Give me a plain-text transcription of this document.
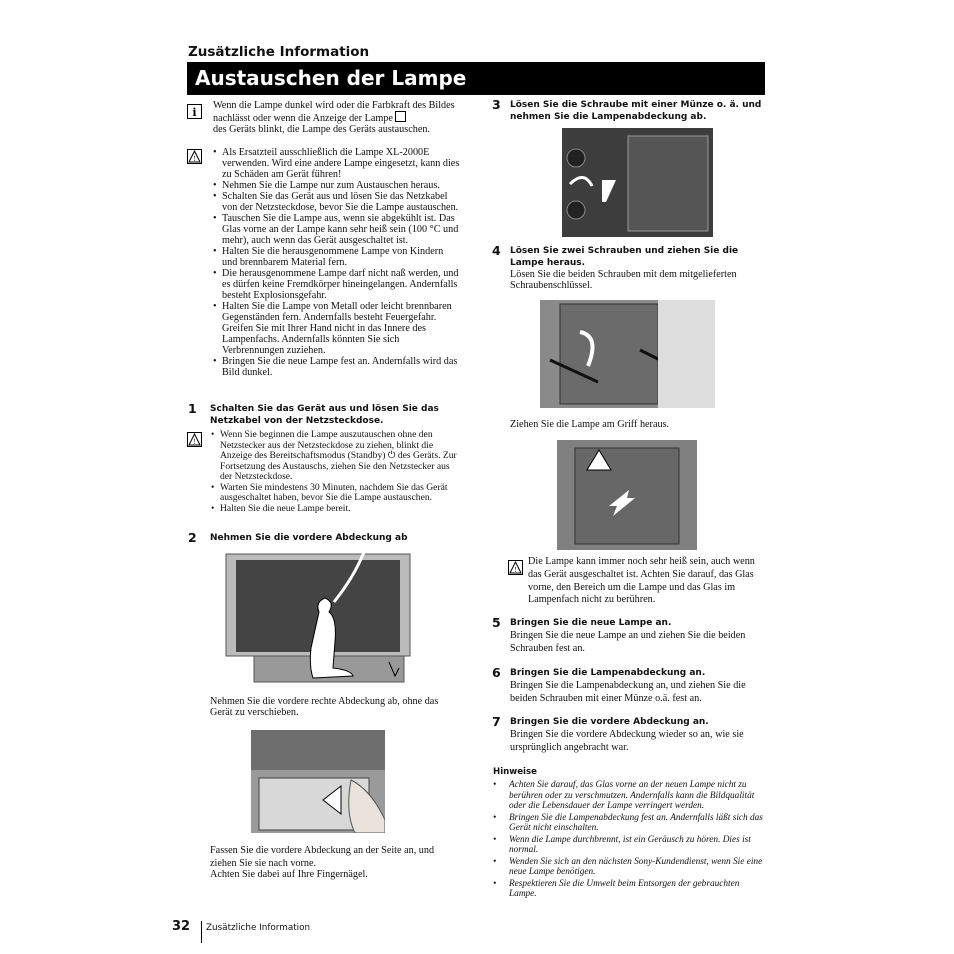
Zusätzliche Information
Austauschen der Lampe
i
Wenn die Lampe dunkel wird oder die Farbkraft des Bildes nachlässt oder wenn die Anzeige der Lampe
des Geräts blinkt, die Lampe des Geräts austauschen.
!
• Als Ersatzteil ausschließlich die Lampe XL-2000E verwenden. Wird eine andere Lampe eingesetzt, kann dies zu Schäden am Gerät führen!
• Nehmen Sie die Lampe nur zum Austauschen heraus.
• Schalten Sie das Gerät aus und lösen Sie das Netzkabel von der Netzsteckdose, bevor Sie die Lampe austauschen.
• Tauschen Sie die Lampe aus, wenn sie abgekühlt ist. Das Glas vorne an der Lampe kann sehr heiß sein (100 °C und mehr), auch wenn das Gerät ausgeschaltet ist.
• Halten Sie die herausgenommene Lampe von Kindern und brennbarem Material fern.
• Die herausgenommene Lampe darf nicht naß werden, und es dürfen keine Fremdkörper hineingelangen. Andernfalls besteht Explosionsgefahr.
• Halten Sie die Lampe von Metall oder leicht brennbaren Gegenständen fern. Andernfalls besteht Feuergefahr. Greifen Sie mit Ihrer Hand nicht in das Innere des Lampenfachs. Andernfalls könnten Sie sich Verbrennungen zuziehen.
• Bringen Sie die neue Lampe fest an. Andernfalls wird das Bild dunkel.
1 Schalten Sie das Gerät aus und lösen Sie das Netzkabel von der Netzsteckdose.
!
• Wenn Sie beginnen die Lampe auszutauschen ohne den Netzstecker aus der Netzsteckdose zu ziehen, blinkt die Anzeige des Bereitschaftsmodus (Standby) ⏻ des Geräts. Zur Fortsetzung des Austauschs, ziehen Sie den Netzstecker aus der Netzsteckdose.
• Warten Sie mindestens 30 Minuten, nachdem Sie das Gerät ausgeschaltet haben, bevor Sie die Lampe austauschen.
• Halten Sie die neue Lampe bereit.
2 Nehmen Sie die vordere Abdeckung ab
Nehmen Sie die vordere rechte Abdeckung ab, ohne das Gerät zu verschieben.
Fassen Sie die vordere Abdeckung an der Seite an, und ziehen Sie sie nach vorne.
Achten Sie dabei auf Ihre Fingernägel.
3 Lösen Sie die Schraube mit einer Münze o. ä. und nehmen Sie die Lampenabdeckung ab.
4 Lösen Sie zwei Schrauben und ziehen Sie die Lampe heraus.
Lösen Sie die beiden Schrauben mit dem mitgelieferten Schraubenschlüssel.
Ziehen Sie die Lampe am Griff heraus.
!
Die Lampe kann immer noch sehr heiß sein, auch wenn das Gerät ausgeschaltet ist. Achten Sie darauf, das Glas vorne, den Bereich um die Lampe und das Glas im Lampenfach nicht zu berühren.
5 Bringen Sie die neue Lampe an.
Bringen Sie die neue Lampe an und ziehen Sie die beiden Schrauben fest an.
6 Bringen Sie die Lampenabdeckung an.
Bringen Sie die Lampenabdeckung an, und ziehen Sie die beiden Schrauben mit einer Münze o.ä. fest an.
7 Bringen Sie die vordere Abdeckung an.
Bringen Sie die vordere Abdeckung wieder so an, wie sie ursprünglich angebracht war.
Hinweise
• Achten Sie darauf, das Glas vorne an der neuen Lampe nicht zu berühren oder zu verschmutzen. Andernfalls kann die Bildqualität oder die Lebensdauer der Lampe verringert werden.
• Bringen Sie die Lampenabdeckung fest an. Andernfalls läßt sich das Gerät nicht einschalten.
• Wenn die Lampe durchbrennt, ist ein Geräusch zu hören. Dies ist normal.
• Wenden Sie sich an den nächsten Sony-Kundendienst, wenn Sie eine neue Lampe benötigen.
• Respektieren Sie die Umwelt beim Entsorgen der gebrauchten Lampe.
32 Zusätzliche Information
